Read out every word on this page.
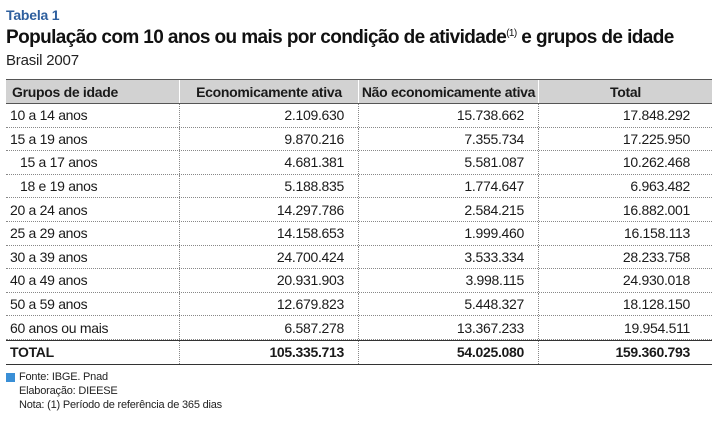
Tabela 1
População com 10 anos ou mais por condição de atividade$^{(1)}$ e grupos de idade
Brasil 2007
Grupos de idade	Economicamente ativa	Não economicamente ativa	Total
10 a 14 anos	2.109.630	15.738.662	17.848.292
15 a 19 anos	9.870.216	7.355.734	17.225.950
15 a 17 anos	4.681.381	5.581.087	10.262.468
18 e 19 anos	5.188.835	1.774.647	6.963.482
20 a 24 anos	14.297.786	2.584.215	16.882.001
25 a 29 anos	14.158.653	1.999.460	16.158.113
30 a 39 anos	24.700.424	3.533.334	28.233.758
40 a 49 anos	20.931.903	3.998.115	24.930.018
50 a 59 anos	12.679.823	5.448.327	18.128.150
60 anos ou mais	6.587.278	13.367.233	19.954.511
TOTAL	105.335.713	54.025.080	159.360.793
Fonte: IBGE. Pnad
Elaboração: DIEESE
Nota: (1) Período de referência de 365 dias
